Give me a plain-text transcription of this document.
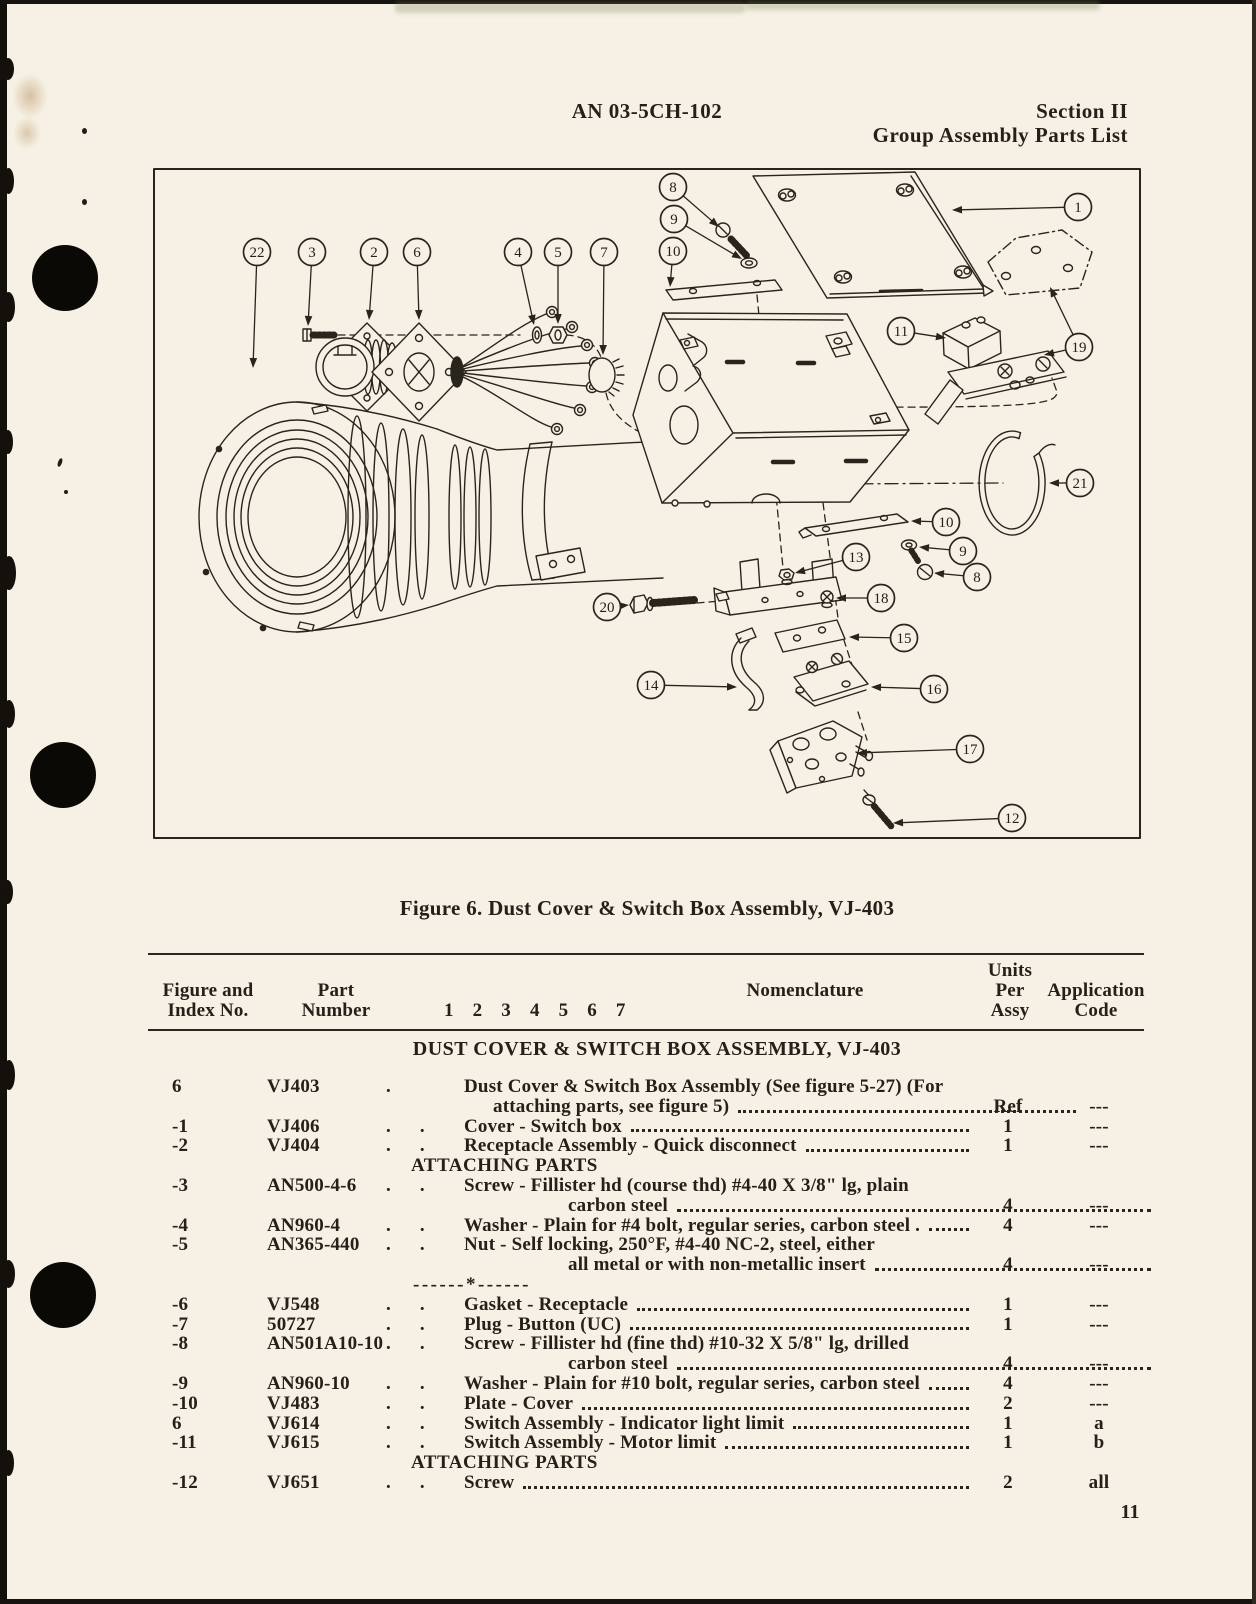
AN 03-5CH-102	Section II
Group Assembly Parts List
8
9
10
1
22	3	2 6	4 5	7
11
19
21
10
9
8
13
18
20
15
14	16
17
12
Figure 6. Dust Cover & Switch Box Assembly, VJ-403
Figure and
Index No.
Part
Number	1 2 3 4 5 6 7
Nomenclature
Units
Per
Assy
Application
Code
DUST COVER & SWITCH BOX ASSEMBLY, VJ-403
6	VJ403	.	Dust Cover & Switch Box Assembly (See figure 5-27) (For
attaching parts, see figure 5)	Ref	---
-1	VJ406	. .	Cover - Switch box	1	---
-2	VJ404	. .	Receptacle Assembly - Quick disconnect	1	---
ATTACHING PARTS
-3	AN500-4-6 . .	Screw - Fillister hd (course thd) #4-40 X 3/8" lg, plain
carbon steel	4	---
-4	AN960-4 . .	Washer - Plain for #4 bolt, regular series, carbon steel .	4	---
-5	AN365-440 . .	Nut - Self locking, 250°F, #4-40 NC-2, steel, either
all metal or with non-metallic insert	4	---
------*------
-6	VJ548	. .	Gasket - Receptacle	1	---
-7	50727	. .	Plug - Button (UC)	1	---
-8	AN501A10-10 . .	Screw - Fillister hd (fine thd) #10-32 X 5/8" lg, drilled
carbon steel	4	---
-9	AN960-10 . .	Washer - Plain for #10 bolt, regular series, carbon steel	4	---
-10	VJ483	. .	Plate - Cover	2	---
6	VJ614	. .	Switch Assembly - Indicator light limit	1	a
-11	VJ615	. .	Switch Assembly - Motor limit	1	b
ATTACHING PARTS
-12	VJ651	. .	Screw	2	all
11
